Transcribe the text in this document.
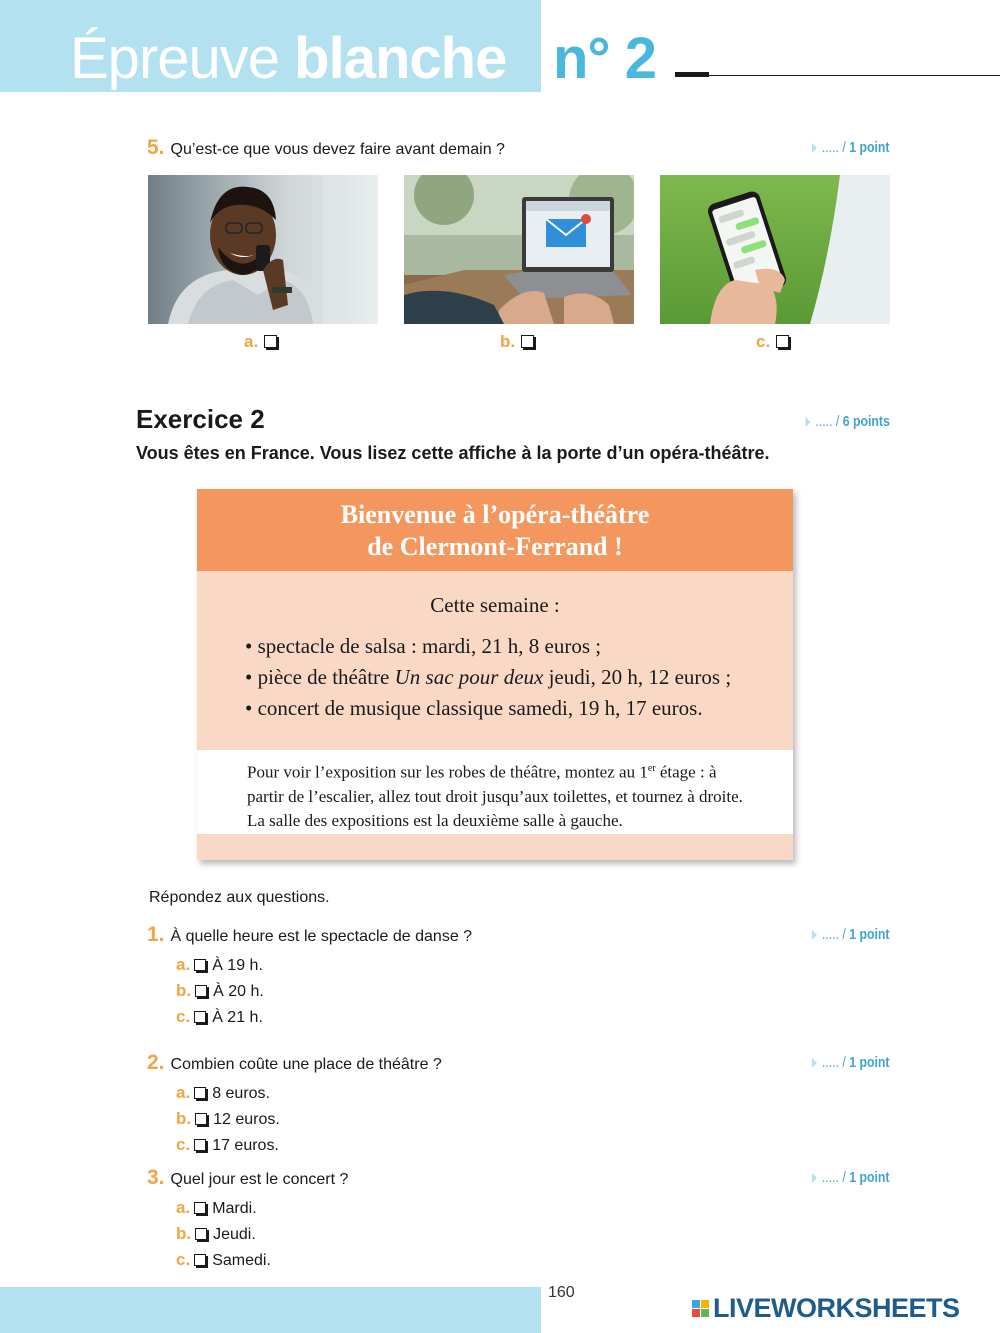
Épreuve blanche n° 2
5. Qu’est-ce que vous devez faire avant demain ?	..... / 1 point
a.	b.	c.
Exercice 2	..... / 6 points
Vous êtes en France. Vous lisez cette affiche à la porte d’un opéra-théâtre.
Bienvenue à l’opéra-théâtre
de Clermont-Ferrand !
Cette semaine :
• spectacle de salsa : mardi, 21 h, 8 euros ;
• pièce de théâtre Un sac pour deux jeudi, 20 h, 12 euros ;
• concert de musique classique samedi, 19 h, 17 euros.
Pour voir l’exposition sur les robes de théâtre, montez au 1er étage : à partir de l’escalier, allez tout droit jusqu’aux toilettes, et tournez à droite. La salle des expositions est la deuxième salle à gauche.
Répondez aux questions.
1. À quelle heure est le spectacle de danse ?	..... / 1 point
a. À 19 h.
b. À 20 h.
c. À 21 h.
2. Combien coûte une place de théâtre ?	..... / 1 point
a. 8 euros.
b. 12 euros.
c. 17 euros.
3. Quel jour est le concert ?	..... / 1 point
a. Mardi.
b. Jeudi.
c. Samedi.
160
LIVEWORKSHEETS
